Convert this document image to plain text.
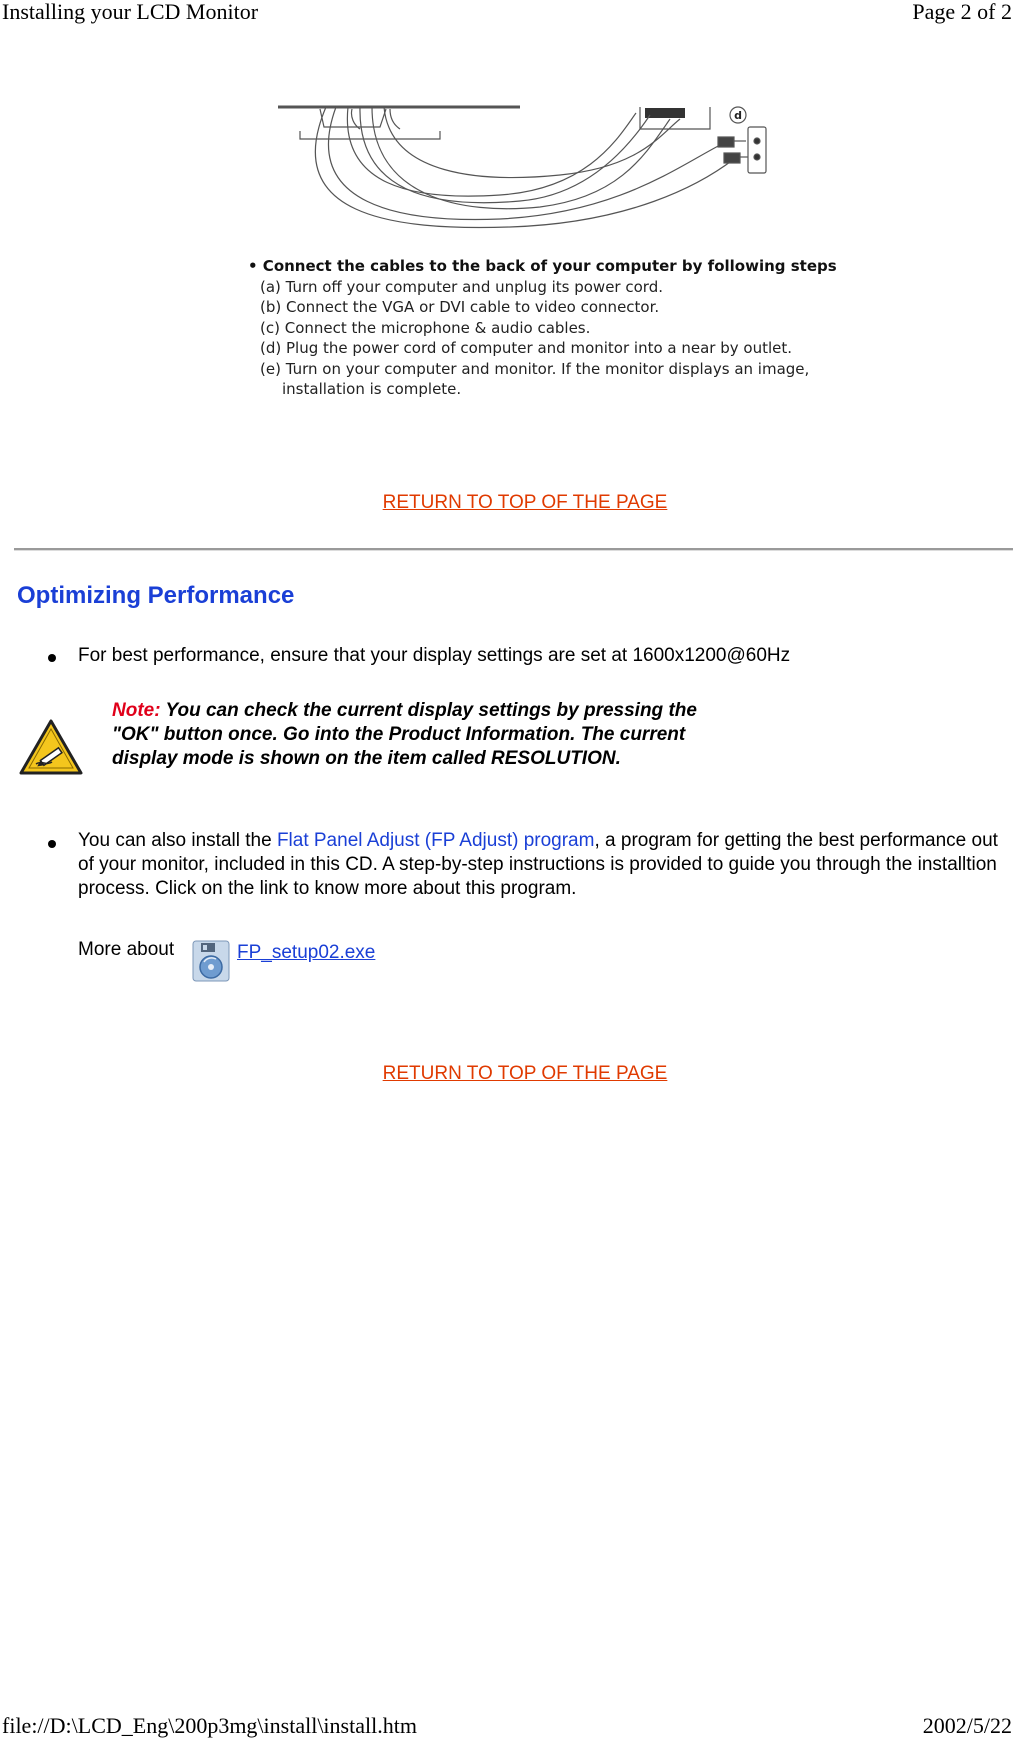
Installing your LCD Monitor	Page 2 of 2
d
• Connect the cables to the back of your computer by following steps
(a) Turn off your computer and unplug its power cord.
(b) Connect the VGA or DVI cable to video connector.
(c) Connect the microphone & audio cables.
(d) Plug the power cord of computer and monitor into a near by outlet.
(e) Turn on your computer and monitor. If the monitor displays an image,
installation is complete.
RETURN TO TOP OF THE PAGE
Optimizing Performance
For best performance, ensure that your display settings are set at 1600x1200@60Hz
Note: You can check the current display settings by pressing the "OK" button once. Go into the Product Information. The current display mode is shown on the item called RESOLUTION.
You can also install the Flat Panel Adjust (FP Adjust) program, a program for getting the best performance out of your monitor, included in this CD. A step-by-step instructions is provided to guide you through the installtion process. Click on the link to know more about this program.
More about	FP_setup02.exe
RETURN TO TOP OF THE PAGE
file://D:\LCD_Eng\200p3mg\install\install.htm	2002/5/22
